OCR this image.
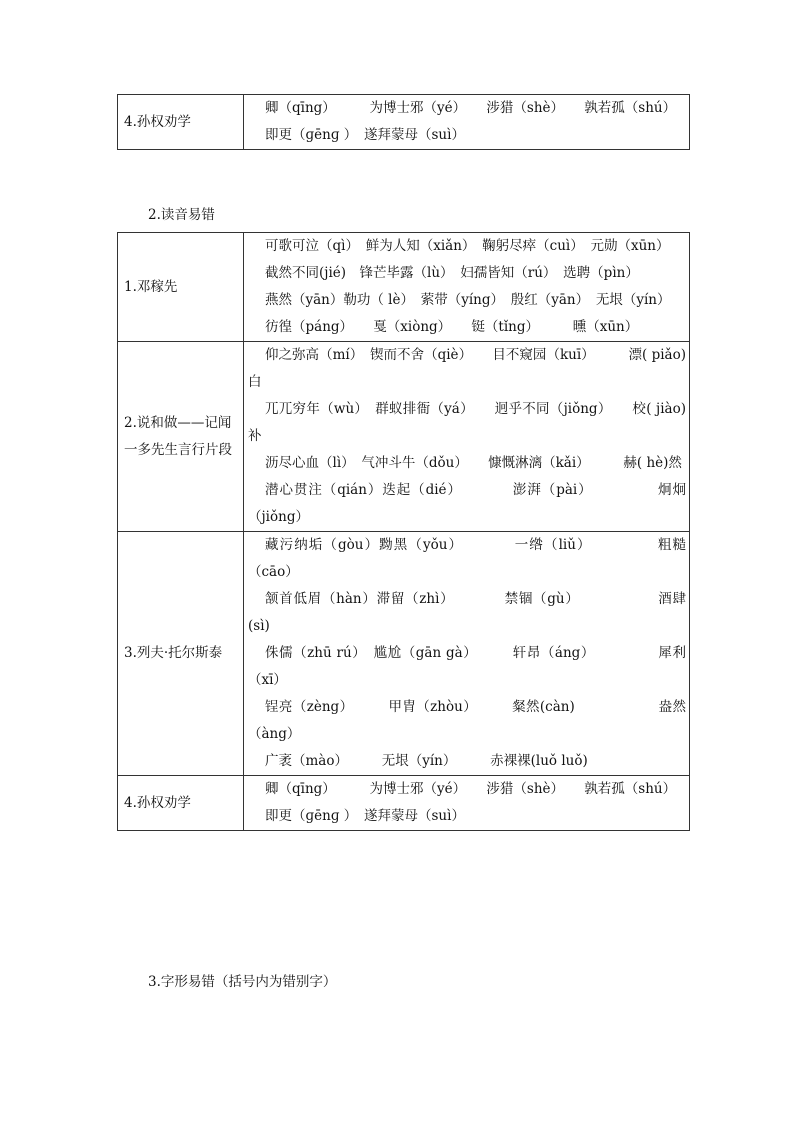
4.孙权劝学	

卿（qīng）　　　为博士邪（yé）　　涉猎（shè）　　孰若孤（shú）

即更（ɡēnɡ ）　遂拜蒙母（suì）

2.读音易错
1.邓稼先	可歌可泣（qì）　鲜为人知（xiǎn）　鞠躬尽瘁（cuì）　元勋（xūn）

截然不同(jié)　锋芒毕露（lù）　妇孺皆知（rú）　选聘（pìn）

燕然（yān）勒功（ lè）　萦带（yíng）　殷红（yān）　无垠（yín）

彷徨（páng）　　戛（xiòng）　　铤（tǐng）　　　曛（xūn）

2.说和做——记闻一多先生言行片段	仰之弥高（mí）　锲而不舍（qiè）　　目不窥园（kuī）　　　漂( piǎo)白

兀兀穷年（wù）　群蚁排衙（yá）　　迥乎不同（jiǒng）　　校( jiào)补

沥尽心血（lì）　气冲斗牛（dǒu）　　慷慨淋漓（kǎi）　　　赫( hè)然

潜心贯注（qián）迭起（dié）　　　　澎湃（pài）　　　　　炯炯（jiǒng）

3.列夫·托尔斯泰	藏污纳垢（gòu）黝黑（yǒu）　　　　一绺（liǔ）　　　　　粗糙（cāo）

颔首低眉（hàn）滞留（zhì）　　　　禁锢（gù）　　　　　　酒肆(sì)

侏儒（zhū rú）　尴尬（gān gà）　　　轩昂（áng）　　　　　犀利（xī）

锃亮（zèng）　　　甲胄（zhòu）　　　粲然(càn)　　　　　　盎然（àng）

广袤（mào）　　　无垠（yín）　　　赤裸裸(luǒ luǒ)

4.孙权劝学	卿（qīng）　　　为博士邪（yé）　　涉猎（shè）　　孰若孤（shú）

即更（ɡēnɡ ）　遂拜蒙母（suì）

3.字形易错（括号内为错别字）
